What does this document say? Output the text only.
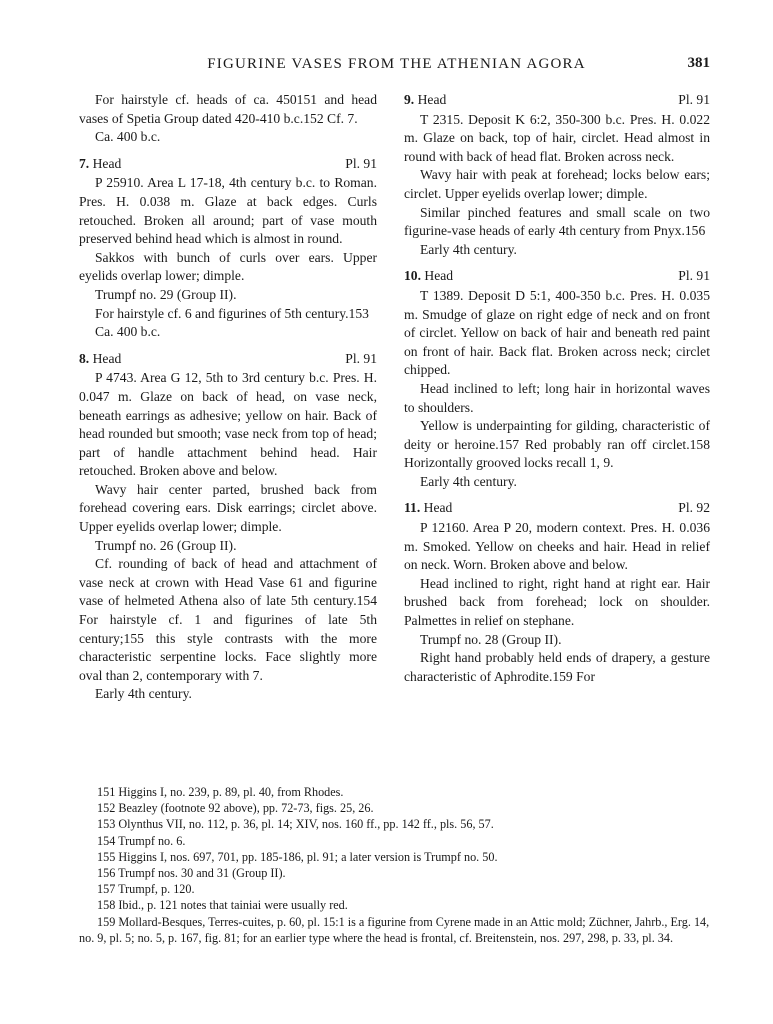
FIGURINE VASES FROM THE ATHENIAN AGORA	381

For hairstyle cf. heads of ca. 450151 and head vases of Spetia Group dated 420-410 b.c.152 Cf. 7.

Ca. 400 b.c.

7. Head	Pl. 91

P 25910. Area L 17-18, 4th century b.c. to Roman. Pres. H. 0.038 m. Glaze at back edges. Curls retouched. Broken all around; part of vase mouth preserved behind head which is almost in round.

Sakkos with bunch of curls over ears. Upper eyelids overlap lower; dimple.

Trumpf no. 29 (Group II).

For hairstyle cf. 6 and figurines of 5th century.153

Ca. 400 b.c.

8. Head	Pl. 91

P 4743. Area G 12, 5th to 3rd century b.c. Pres. H. 0.047 m. Glaze on back of head, on vase neck, beneath earrings as adhesive; yellow on hair. Back of head rounded but smooth; vase neck from top of head; part of handle attachment behind head. Hair retouched. Broken above and below.

Wavy hair center parted, brushed back from forehead covering ears. Disk earrings; circlet above. Upper eyelids overlap lower; dimple.

Trumpf no. 26 (Group II).

Cf. rounding of back of head and attachment of vase neck at crown with Head Vase 61 and figurine vase of helmeted Athena also of late 5th century.154 For hairstyle cf. 1 and figurines of late 5th century;155 this style contrasts with the more characteristic serpentine locks. Face slightly more oval than 2, contemporary with 7.

Early 4th century.

9. Head	Pl. 91

T 2315. Deposit K 6:2, 350-300 b.c. Pres. H. 0.022 m. Glaze on back, top of hair, circlet. Head almost in round with back of head flat. Broken across neck.

Wavy hair with peak at forehead; locks below ears; circlet. Upper eyelids overlap lower; dimple.

Similar pinched features and small scale on two figurine-vase heads of early 4th century from Pnyx.156

Early 4th century.

10. Head	Pl. 91

T 1389. Deposit D 5:1, 400-350 b.c. Pres. H. 0.035 m. Smudge of glaze on right edge of neck and on front of circlet. Yellow on back of hair and beneath red paint on front of hair. Back flat. Broken across neck; circlet chipped.

Head inclined to left; long hair in horizontal waves to shoulders.

Yellow is underpainting for gilding, characteristic of deity or heroine.157 Red probably ran off circlet.158 Horizontally grooved locks recall 1, 9.

Early 4th century.

11. Head	Pl. 92

P 12160. Area P 20, modern context. Pres. H. 0.036 m. Smoked. Yellow on cheeks and hair. Head in relief on neck. Worn. Broken above and below.

Head inclined to right, right hand at right ear. Hair brushed back from forehead; lock on shoulder. Palmettes in relief on stephane.

Trumpf no. 28 (Group II).

Right hand probably held ends of drapery, a gesture characteristic of Aphrodite.159 For

151 Higgins I, no. 239, p. 89, pl. 40, from Rhodes.

152 Beazley (footnote 92 above), pp. 72-73, figs. 25, 26.

153 Olynthus VII, no. 112, p. 36, pl. 14; XIV, nos. 160 ff., pp. 142 ff., pls. 56, 57.

154 Trumpf no. 6.

155 Higgins I, nos. 697, 701, pp. 185-186, pl. 91; a later version is Trumpf no. 50.

156 Trumpf nos. 30 and 31 (Group II).

157 Trumpf, p. 120.

158 Ibid., p. 121 notes that tainiai were usually red.

159 Mollard-Besques, Terres-cuites, p. 60, pl. 15:1 is a figurine from Cyrene made in an Attic mold; Züchner, Jahrb., Erg. 14, no. 9, pl. 5; no. 5, p. 167, fig. 81; for an earlier type where the head is frontal, cf. Breitenstein, nos. 297, 298, p. 33, pl. 34.
